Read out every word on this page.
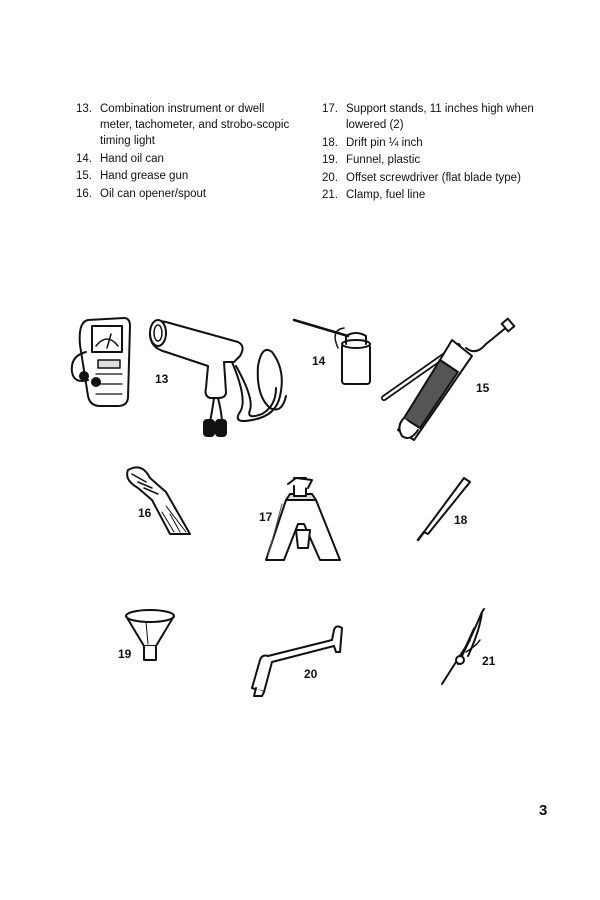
13. Combination instrument or dwell meter, tachometer, and strobo-scopic timing light
14. Hand oil can
15. Hand grease gun
16. Oil can opener/spout
17. Support stands, 11 inches high when lowered (2)
18. Drift pin ¼ inch
19. Funnel, plastic
20. Offset screwdriver (flat blade type)
21. Clamp, fuel line
13
14
15
16	17	18
19
20
21
3
